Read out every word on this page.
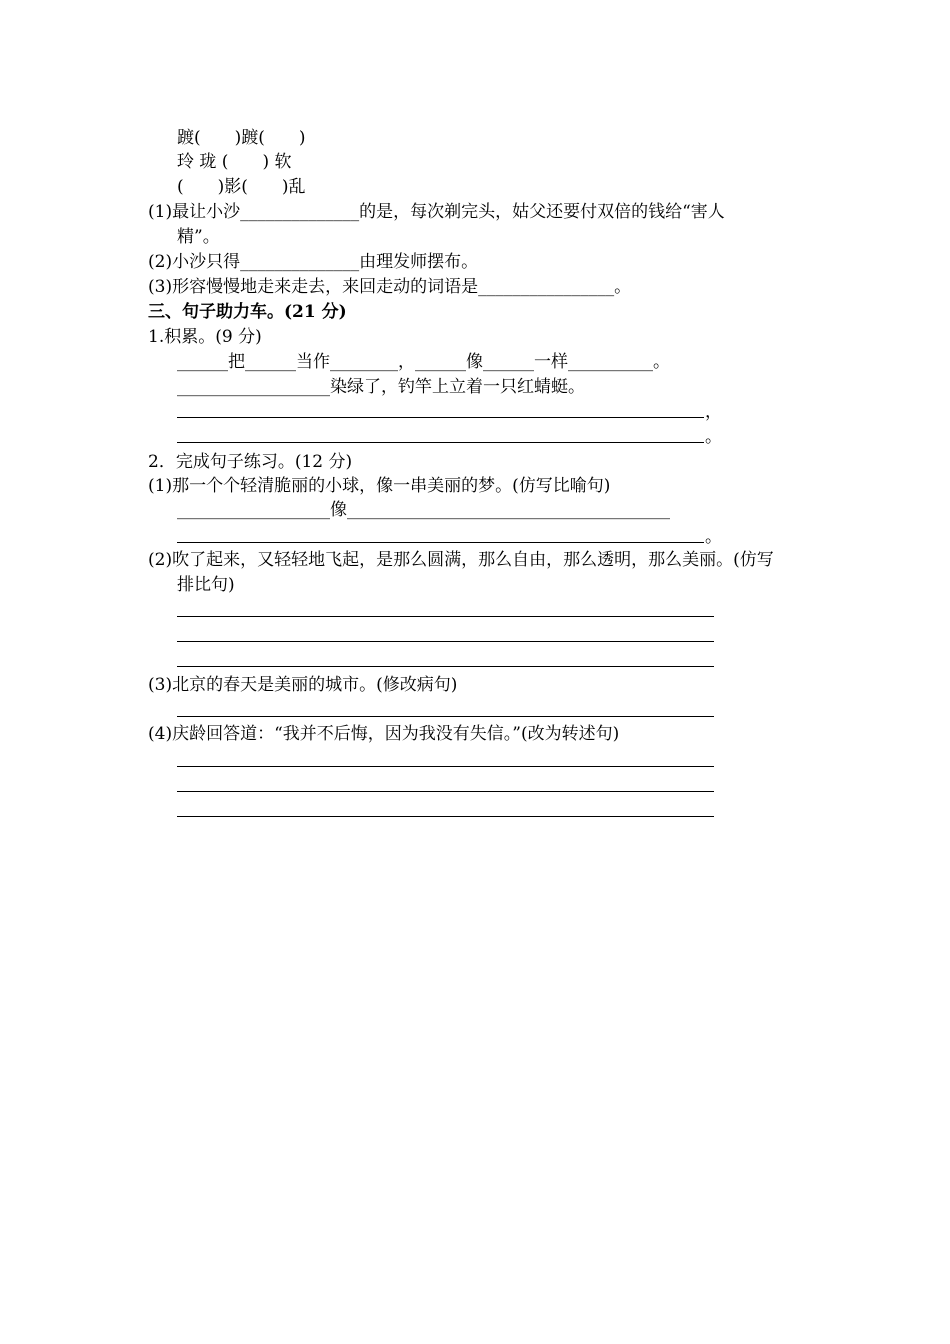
踱(　　)踱(　　)
玲 珑 (　　) 软
(　　)影(　　)乱
(1)最让小沙______________的是，每次剃完头，姑父还要付双倍的钱给“害人
精”。
(2)小沙只得______________由理发师摆布。
(3)形容慢慢地走来走去，来回走动的词语是________________。
三、句子助力车。(21 分)
1.积累。(9 分)
______把______当作________，______像______一样__________。
__________________染绿了，钓竿上立着一只红蜻蜓。
，
。
2．完成句子练习。(12 分)
(1)那一个个轻清脆丽的小球，像一串美丽的梦。(仿写比喻句)
__________________像______________________________________
。
(2)吹了起来，又轻轻地飞起，是那么圆满，那么自由，那么透明，那么美丽。(仿写
排比句)
(3)北京的春天是美丽的城市。(修改病句)
(4)庆龄回答道：“我并不后悔，因为我没有失信。”(改为转述句)
